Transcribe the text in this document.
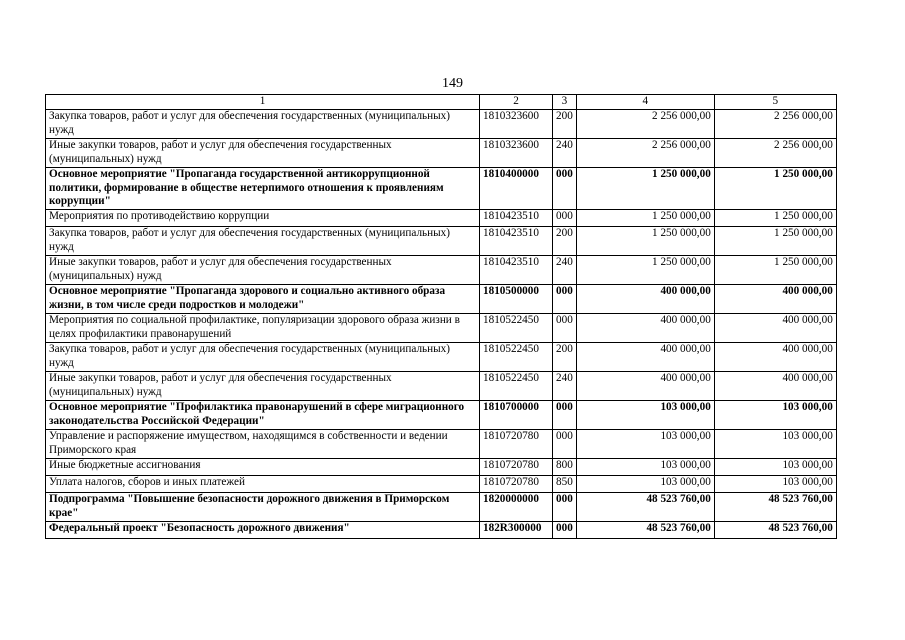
149
1	2	3	4	5
Закупка товаров, работ и услуг для обеспечения государственных (муниципальных) нужд	1810323600	200	2 256 000,00	2 256 000,00
Иные закупки товаров, работ и услуг для обеспечения государственных (муниципальных) нужд	1810323600	240	2 256 000,00	2 256 000,00
Основное мероприятие "Пропаганда государственной антикоррупционной политики, формирование в обществе нетерпимого отношения к проявлениям коррупции"	1810400000	000	1 250 000,00	1 250 000,00
Мероприятия по противодействию коррупции	1810423510	000	1 250 000,00	1 250 000,00
Закупка товаров, работ и услуг для обеспечения государственных (муниципальных) нужд	1810423510	200	1 250 000,00	1 250 000,00
Иные закупки товаров, работ и услуг для обеспечения государственных (муниципальных) нужд	1810423510	240	1 250 000,00	1 250 000,00
Основное мероприятие "Пропаганда здорового и социально активного образа жизни, в том числе среди подростков и молодежи"	1810500000	000	400 000,00	400 000,00
Мероприятия по социальной профилактике, популяризации здорового образа жизни в целях профилактики правонарушений	1810522450	000	400 000,00	400 000,00
Закупка товаров, работ и услуг для обеспечения государственных (муниципальных) нужд	1810522450	200	400 000,00	400 000,00
Иные закупки товаров, работ и услуг для обеспечения государственных (муниципальных) нужд	1810522450	240	400 000,00	400 000,00
Основное мероприятие "Профилактика правонарушений в сфере миграционного законодательства Российской Федерации"	1810700000	000	103 000,00	103 000,00
Управление и распоряжение имуществом, находящимся в собственности и ведении Приморского края	1810720780	000	103 000,00	103 000,00
Иные бюджетные ассигнования	1810720780	800	103 000,00	103 000,00
Уплата налогов, сборов и иных платежей	1810720780	850	103 000,00	103 000,00
Подпрограмма "Повышение безопасности дорожного движения в Приморском крае"	1820000000	000	48 523 760,00	48 523 760,00
Федеральный проект "Безопасность дорожного движения"	182R300000	000	48 523 760,00	48 523 760,00
